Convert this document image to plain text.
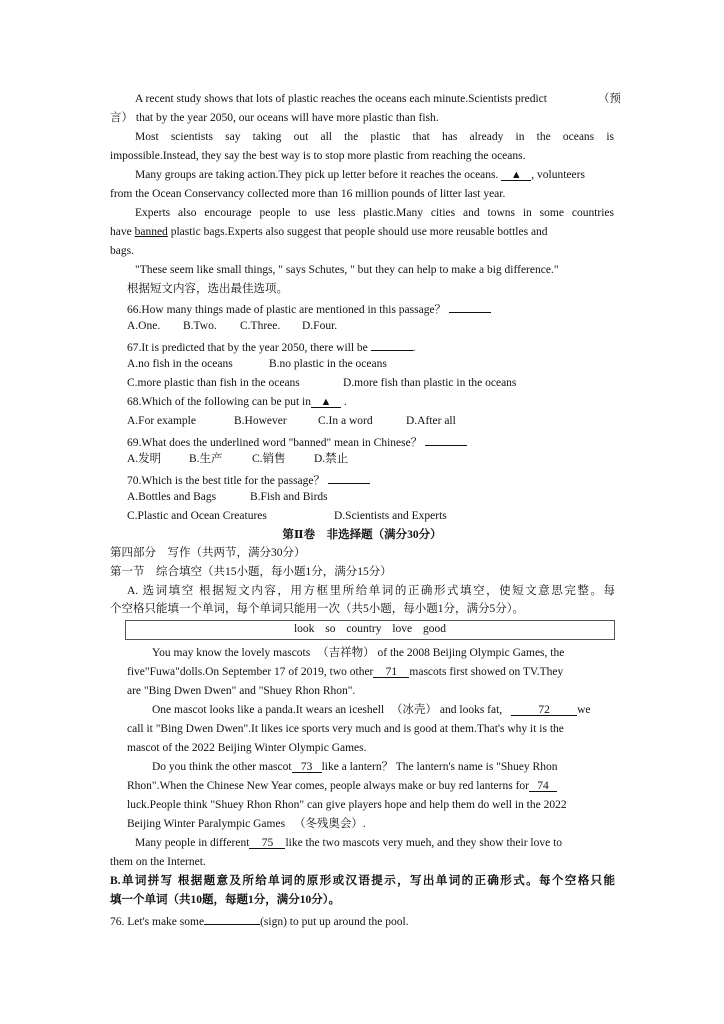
A recent study shows that lots of plastic reaches the oceans each minute.Scientists predict	（预
言） that by the year 2050, our oceans will have more plastic than fish.
Most scientists say taking out all the plastic that has already in the oceans is
impossible.Instead, they say the best way is to stop more plastic from reaching the oceans.
Many groups are taking action.They pick up letter before it reaches the oceans. ▲ , volunteers
from the Ocean Conservancy collected more than 16 million pounds of litter last year.
Experts also encourage people to use less plastic.Many cities and towns in some countries
have banned plastic bags.Experts also suggest that people should use more reusable bottles and
bags.
"These seem like small things, " says Schutes, " but they can help to make a big difference."
根据短文内容，选出最佳选项。
66.How many things made of plastic are mentioned in this passage？
A.One. B.Two. C.Three. D.Four.
67.It is predicted that by the year 2050, there will be	.
A.no fish in the oceans	B.no plastic in the oceans
C.more plastic than fish in the oceans	D.more fish than plastic in the oceans
68.Which of the following can be put in ▲ .
A.For example	B.However	C.In a word	D.After all
69.What does the underlined word "banned" mean in Chinese？
A.发明 B.生产	C.销售 D.禁止
70.Which is the best title for the passage？
A.Bottles and Bags	B.Fish and Birds
C.Plastic and Ocean Creatures	D.Scientists and Experts
第Ⅱ卷　非选择题（满分30分）
第四部分　写作（共两节，满分30分）
第一节　综合填空（共15小题，每小题1分，满分15分）
A. 选词填空 根据短文内容，用方框里所给单词的正确形式填空，使短文意思完整。每
个空格只能填一个单词，每个单词只能用一次（共5小题，每小题1分，满分5分）。
look so country love good
You may know the lovely mascots （吉祥物） of the 2008 Beijing Olympic Games, the
five"Fuwa"dolls.On September 17 of 2019, two other 71 mascots first showed on TV.They
are "Bing Dwen Dwen" and "Shuey Rhon Rhon".
One mascot looks like a panda.It wears an iceshell （冰壳） and looks fat,	72 we
call it "Bing Dwen Dwen".It likes ice sports very much and is good at them.That's why it is the
mascot of the 2022 Beijing Winter Olympic Games.
Do you think the other mascot 73 like a lantern？ The lantern's name is "Shuey Rhon
Rhon".When the Chinese New Year comes, people always make or buy red lanterns for 74
luck.People think "Shuey Rhon Rhon" can give players hope and help them do well in the 2022
Beijing Winter Paralympic Games （冬残奥会）.
Many people in different 75 like the two mascots very mueh, and they show their love to
them on the Internet.
B.单词拼写 根据题意及所给单词的原形或汉语提示，写出单词的正确形式。每个空格只能
填一个单词（共10题，每题1分，满分10分）。
76. Let's make some	(sign) to put up around the pool.
